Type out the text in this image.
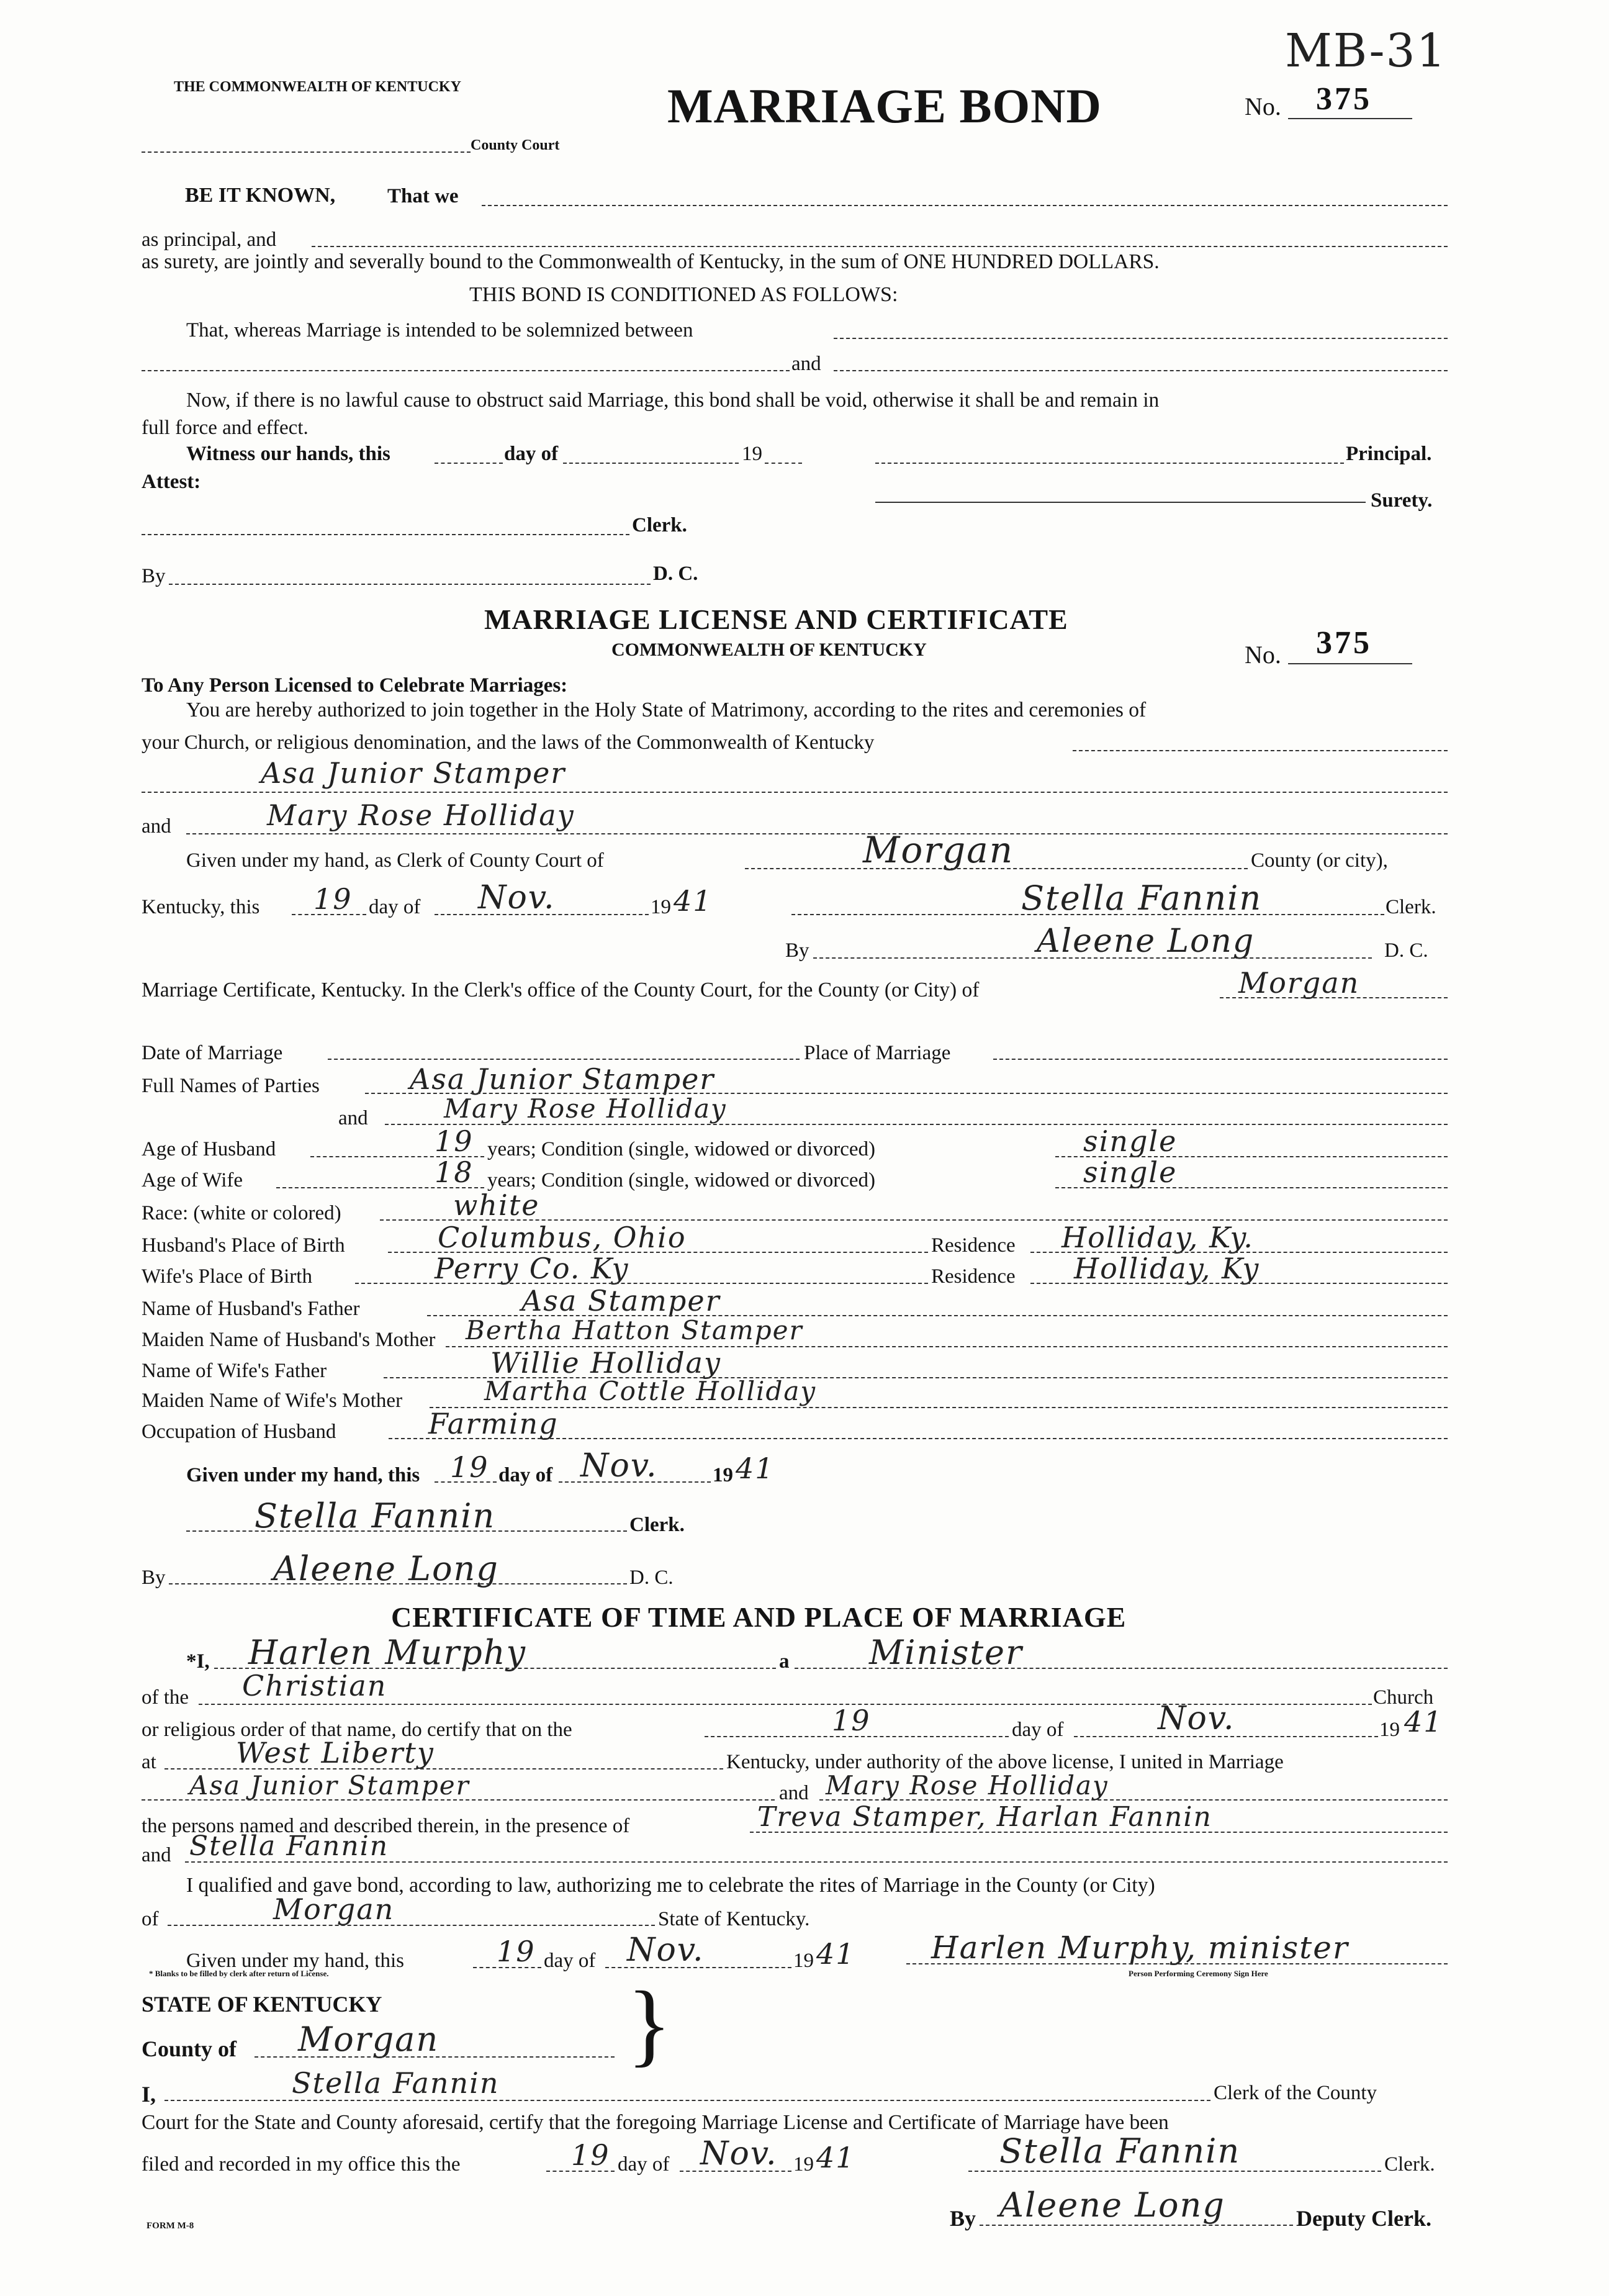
MB-31
THE COMMONWEALTH OF KENTUCKY	MARRIAGE BOND	No. 375
County Court
BE IT KNOWN,	That we
as principal, and
as surety, are jointly and severally bound to the Commonwealth of Kentucky, in the sum of ONE HUNDRED DOLLARS.
THIS BOND IS CONDITIONED AS FOLLOWS:
That, whereas Marriage is intended to be solemnized between
and
Now, if there is no lawful cause to obstruct said Marriage, this bond shall be void, otherwise it shall be and remain in
full force and effect.
Witness our hands, this	day of	19	Principal.
Attest:
Surety.
Clerk.
By	D. C.
MARRIAGE LICENSE AND CERTIFICATE
COMMONWEALTH OF KENTUCKY	No. 375
To Any Person Licensed to Celebrate Marriages:
You are hereby authorized to join together in the Holy State of Matrimony, according to the rites and ceremonies of
your Church, or religious denomination, and the laws of the Commonwealth of Kentucky
Asa Junior Stamper
and	Mary Rose Holliday
Given under my hand, as Clerk of County Court of	Morgan	County (or city),
Kentucky, this 19 day of Nov.	19 41	Stella Fannin	Clerk.
By	Aleene Long	D. C.
Marriage Certificate, Kentucky. In the Clerk's office of the County Court, for the County (or City) of	Morgan
Date of Marriage	Place of Marriage
Full Names of Parties	Asa Junior Stamper
and	Mary Rose Holliday
Age of Husband	19 years; Condition (single, widowed or divorced)	single
Age of Wife	18 years; Condition (single, widowed or divorced)	single
Race: (white or colored)	white
Husband's Place of Birth	Columbus, Ohio	Residence Holliday, Ky.
Wife's Place of Birth	Perry Co. Ky	Residence Holliday, Ky
Name of Husband's Father	Asa Stamper
Maiden Name of Husband's Mother Bertha Hatton Stamper
Name of Wife's Father	Willie Holliday
Maiden Name of Wife's Mother	Martha Cottle Holliday
Occupation of Husband	Farming
Given under my hand, this 19 day of Nov.	19 41
Stella Fannin	Clerk.
By	Aleene Long	D. C.
CERTIFICATE OF TIME AND PLACE OF MARRIAGE
*I, Harlen Murphy	a Minister
of the Christian	Church
or religious order of that name, do certify that on the	19	day of	Nov.	19 41
at	West Liberty	Kentucky, under authority of the above license, I united in Marriage
Asa Junior Stamper	and Mary Rose Holliday
the persons named and described therein, in the presence of	Treva Stamper, Harlan Fannin
and Stella Fannin
I qualified and gave bond, according to law, authorizing me to celebrate the rites of Marriage in the County (or City)
of	Morgan	State of Kentucky.
Given under my hand, this	19 day of Nov.	19 41 Harlen Murphy, minister
Person Performing Ceremony Sign Here
* Blanks to be filled by clerk after return of License.
STATE OF KENTUCKY
County of Morgan }
I,	Stella Fannin	Clerk of the County
Court for the State and County aforesaid, certify that the foregoing Marriage License and Certificate of Marriage have been
filed and recorded in my office this the	19 day of Nov. 19 41	Stella Fannin	Clerk.
By Aleene Long	Deputy Clerk.
FORM M-8
